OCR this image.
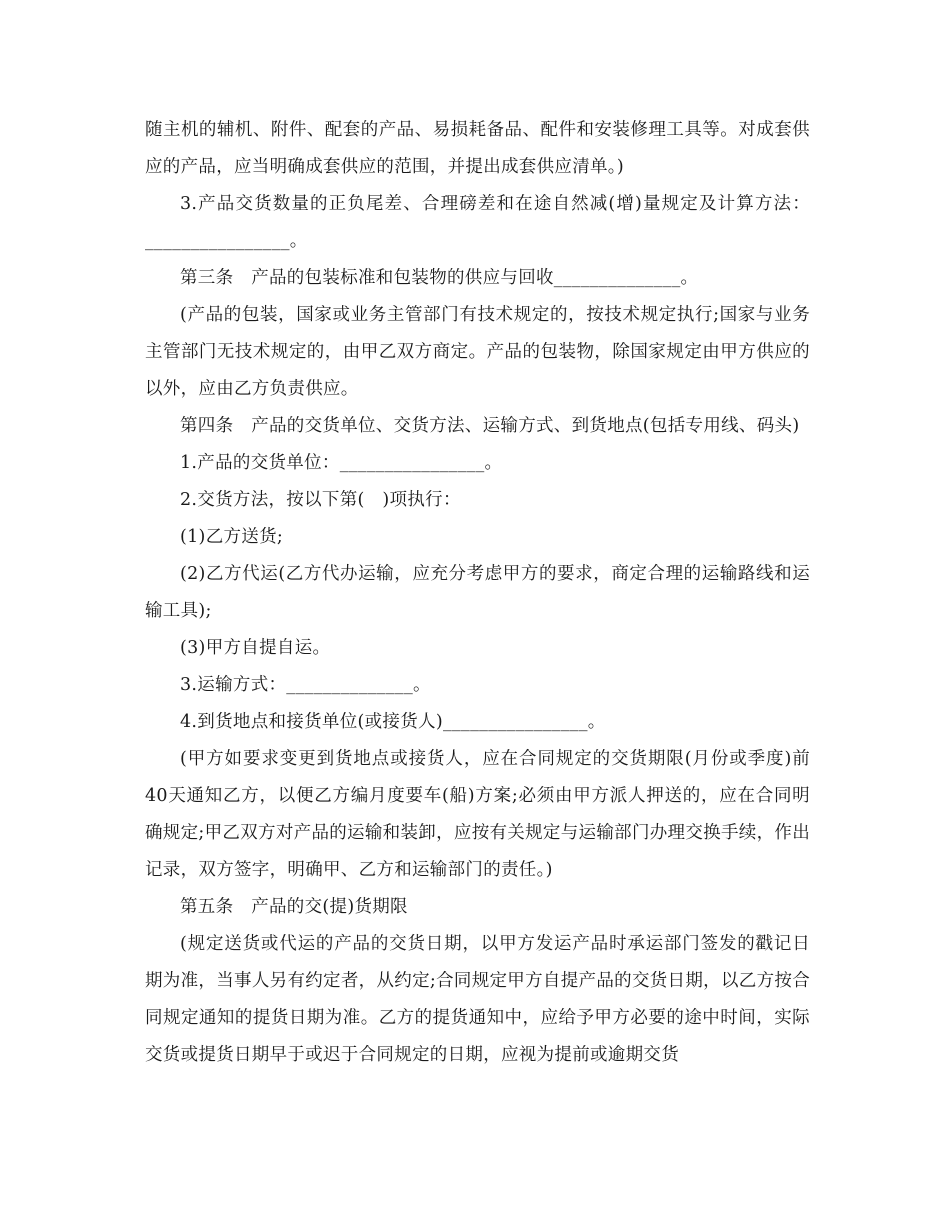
随主机的辅机、附件、配套的产品、易损耗备品、配件和安装修理工具等。对成套供应的产品，应当明确成套供应的范围，并提出成套供应清单。)

3.产品交货数量的正负尾差、合理磅差和在途自然减(增)量规定及计算方法：________________。

第三条　产品的包装标准和包装物的供应与回收______________。

(产品的包装，国家或业务主管部门有技术规定的，按技术规定执行;国家与业务主管部门无技术规定的，由甲乙双方商定。产品的包装物，除国家规定由甲方供应的以外，应由乙方负责供应。

第四条　产品的交货单位、交货方法、运输方式、到货地点(包括专用线、码头)

1.产品的交货单位：________________。

2.交货方法，按以下第(　)项执行：

(1)乙方送货;

(2)乙方代运(乙方代办运输，应充分考虑甲方的要求，商定合理的运输路线和运输工具);

(3)甲方自提自运。

3.运输方式：______________。

4.到货地点和接货单位(或接货人)________________。

(甲方如要求变更到货地点或接货人，应在合同规定的交货期限(月份或季度)前40天通知乙方，以便乙方编月度要车(船)方案;必须由甲方派人押送的，应在合同明确规定;甲乙双方对产品的运输和装卸，应按有关规定与运输部门办理交换手续，作出记录，双方签字，明确甲、乙方和运输部门的责任。)

第五条　产品的交(提)货期限

(规定送货或代运的产品的交货日期，以甲方发运产品时承运部门签发的戳记日期为准，当事人另有约定者，从约定;合同规定甲方自提产品的交货日期，以乙方按合同规定通知的提货日期为准。乙方的提货通知中，应给予甲方必要的途中时间，实际交货或提货日期早于或迟于合同规定的日期，应视为提前或逾期交货
